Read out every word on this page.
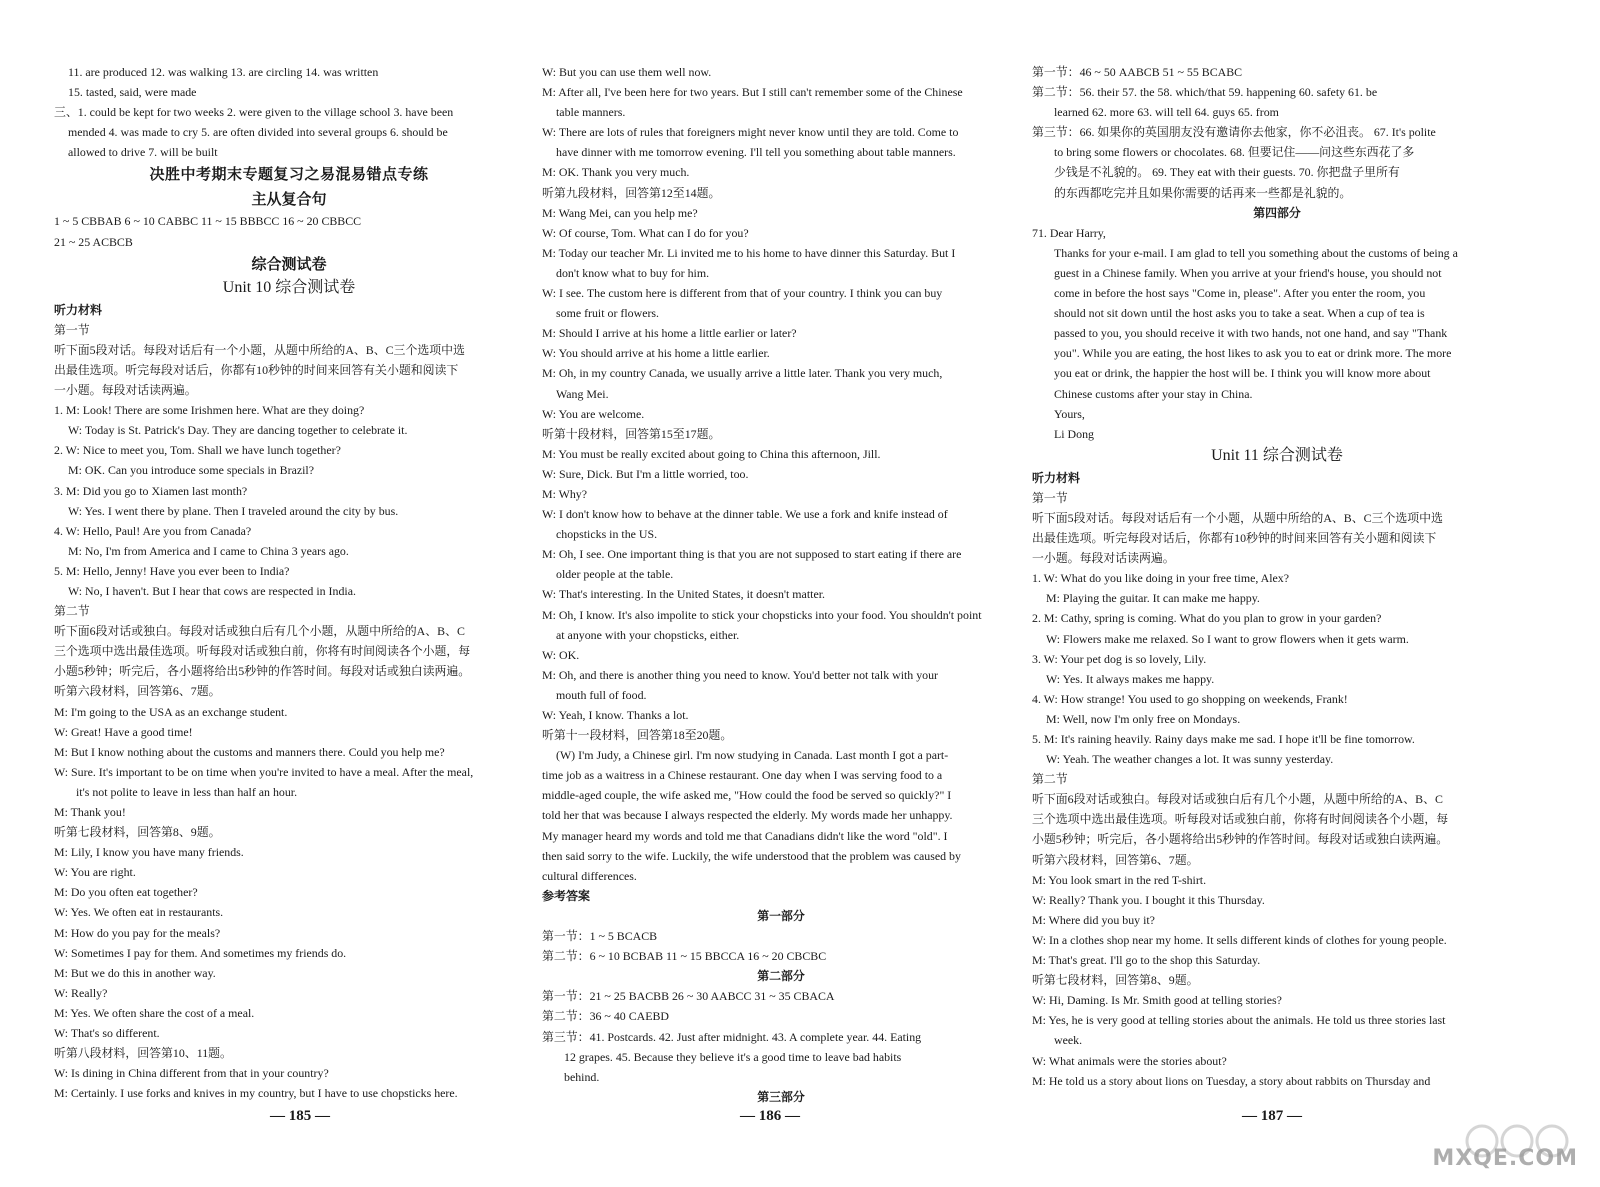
11. are produced 12. was walking 13. are circling 14. was written
15. tasted, said, were made
三、1. could be kept for two weeks 2. were given to the village school 3. have been
mended 4. was made to cry 5. are often divided into several groups 6. should be
allowed to drive 7. will be built
决胜中考期末专题复习之易混易错点专练
主从复合句
1 ~ 5 CBBAB 6 ~ 10 CABBC 11 ~ 15 BBBCC 16 ~ 20 CBBCC
21 ~ 25 ACBCB
综合测试卷
Unit 10 综合测试卷
听力材料
第一节
听下面5段对话。每段对话后有一个小题，从题中所给的A、B、C三个选项中选
出最佳选项。听完每段对话后，你都有10秒钟的时间来回答有关小题和阅读下
一小题。每段对话读两遍。
1. M: Look! There are some Irishmen here. What are they doing?
W: Today is St. Patrick's Day. They are dancing together to celebrate it.
2. W: Nice to meet you, Tom. Shall we have lunch together?
M: OK. Can you introduce some specials in Brazil?
3. M: Did you go to Xiamen last month?
W: Yes. I went there by plane. Then I traveled around the city by bus.
4. W: Hello, Paul! Are you from Canada?
M: No, I'm from America and I came to China 3 years ago.
5. M: Hello, Jenny! Have you ever been to India?
W: No, I haven't. But I hear that cows are respected in India.
第二节
听下面6段对话或独白。每段对话或独白后有几个小题，从题中所给的A、B、C
三个选项中选出最佳选项。听每段对话或独白前，你将有时间阅读各个小题，每
小题5秒钟；听完后，各小题将给出5秒钟的作答时间。每段对话或独白读两遍。
听第六段材料，回答第6、7题。
M: I'm going to the USA as an exchange student.
W: Great! Have a good time!
M: But I know nothing about the customs and manners there. Could you help me?
W: Sure. It's important to be on time when you're invited to have a meal. After the meal,
it's not polite to leave in less than half an hour.
M: Thank you!
听第七段材料，回答第8、9题。
M: Lily, I know you have many friends.
W: You are right.
M: Do you often eat together?
W: Yes. We often eat in restaurants.
M: How do you pay for the meals?
W: Sometimes I pay for them. And sometimes my friends do.
M: But we do this in another way.
W: Really?
M: Yes. We often share the cost of a meal.
W: That's so different.
听第八段材料，回答第10、11题。
W: Is dining in China different from that in your country?
M: Certainly. I use forks and knives in my country, but I have to use chopsticks here.
W: But you can use them well now.
M: After all, I've been here for two years. But I still can't remember some of the Chinese
table manners.
W: There are lots of rules that foreigners might never know until they are told. Come to
have dinner with me tomorrow evening. I'll tell you something about table manners.
M: OK. Thank you very much.
听第九段材料，回答第12至14题。
M: Wang Mei, can you help me?
W: Of course, Tom. What can I do for you?
M: Today our teacher Mr. Li invited me to his home to have dinner this Saturday. But I
don't know what to buy for him.
W: I see. The custom here is different from that of your country. I think you can buy
some fruit or flowers.
M: Should I arrive at his home a little earlier or later?
W: You should arrive at his home a little earlier.
M: Oh, in my country Canada, we usually arrive a little later. Thank you very much,
Wang Mei.
W: You are welcome.
听第十段材料，回答第15至17题。
M: You must be really excited about going to China this afternoon, Jill.
W: Sure, Dick. But I'm a little worried, too.
M: Why?
W: I don't know how to behave at the dinner table. We use a fork and knife instead of
chopsticks in the US.
M: Oh, I see. One important thing is that you are not supposed to start eating if there are
older people at the table.
W: That's interesting. In the United States, it doesn't matter.
M: Oh, I know. It's also impolite to stick your chopsticks into your food. You shouldn't point
at anyone with your chopsticks, either.
W: OK.
M: Oh, and there is another thing you need to know. You'd better not talk with your
mouth full of food.
W: Yeah, I know. Thanks a lot.
听第十一段材料，回答第18至20题。
(W) I'm Judy, a Chinese girl. I'm now studying in Canada. Last month I got a part-
time job as a waitress in a Chinese restaurant. One day when I was serving food to a
middle-aged couple, the wife asked me, "How could the food be served so quickly?" I
told her that was because I always respected the elderly. My words made her unhappy.
My manager heard my words and told me that Canadians didn't like the word "old". I
then said sorry to the wife. Luckily, the wife understood that the problem was caused by
cultural differences.
参考答案
第一部分
第一节：1 ~ 5 BCACB
第二节：6 ~ 10 BCBAB 11 ~ 15 BBCCA 16 ~ 20 CBCBC
第二部分
第一节：21 ~ 25 BACBB 26 ~ 30 AABCC 31 ~ 35 CBACA
第二节：36 ~ 40 CAEBD
第三节：41. Postcards. 42. Just after midnight. 43. A complete year. 44. Eating
12 grapes. 45. Because they believe it's a good time to leave bad habits
behind.
第三部分
第一节：46 ~ 50 AABCB 51 ~ 55 BCABC
第二节：56. their 57. the 58. which/that 59. happening 60. safety 61. be
learned 62. more 63. will tell 64. guys 65. from
第三节：66. 如果你的英国朋友没有邀请你去他家，你不必沮丧。 67. It's polite
to bring some flowers or chocolates. 68. 但要记住——问这些东西花了多
少钱是不礼貌的。 69. They eat with their guests. 70. 你把盘子里所有
的东西都吃完并且如果你需要的话再来一些都是礼貌的。
第四部分
71. Dear Harry,
Thanks for your e-mail. I am glad to tell you something about the customs of being a
guest in a Chinese family. When you arrive at your friend's house, you should not
come in before the host says "Come in, please". After you enter the room, you
should not sit down until the host asks you to take a seat. When a cup of tea is
passed to you, you should receive it with two hands, not one hand, and say "Thank
you". While you are eating, the host likes to ask you to eat or drink more. The more
you eat or drink, the happier the host will be. I think you will know more about
Chinese customs after your stay in China.
Yours,
Li Dong
Unit 11 综合测试卷
听力材料
第一节
听下面5段对话。每段对话后有一个小题，从题中所给的A、B、C三个选项中选
出最佳选项。听完每段对话后，你都有10秒钟的时间来回答有关小题和阅读下
一小题。每段对话读两遍。
1. W: What do you like doing in your free time, Alex?
M: Playing the guitar. It can make me happy.
2. M: Cathy, spring is coming. What do you plan to grow in your garden?
W: Flowers make me relaxed. So I want to grow flowers when it gets warm.
3. W: Your pet dog is so lovely, Lily.
W: Yes. It always makes me happy.
4. W: How strange! You used to go shopping on weekends, Frank!
M: Well, now I'm only free on Mondays.
5. M: It's raining heavily. Rainy days make me sad. I hope it'll be fine tomorrow.
W: Yeah. The weather changes a lot. It was sunny yesterday.
第二节
听下面6段对话或独白。每段对话或独白后有几个小题，从题中所给的A、B、C
三个选项中选出最佳选项。听每段对话或独白前，你将有时间阅读各个小题，每
小题5秒钟；听完后，各小题将给出5秒钟的作答时间。每段对话或独白读两遍。
听第六段材料，回答第6、7题。
M: You look smart in the red T-shirt.
W: Really? Thank you. I bought it this Thursday.
M: Where did you buy it?
W: In a clothes shop near my home. It sells different kinds of clothes for young people.
M: That's great. I'll go to the shop this Saturday.
听第七段材料，回答第8、9题。
W: Hi, Daming. Is Mr. Smith good at telling stories?
M: Yes, he is very good at telling stories about the animals. He told us three stories last
week.
W: What animals were the stories about?
M: He told us a story about lions on Tuesday, a story about rabbits on Thursday and
— 185 —	— 186 —	— 187 —
MXQE.COM
